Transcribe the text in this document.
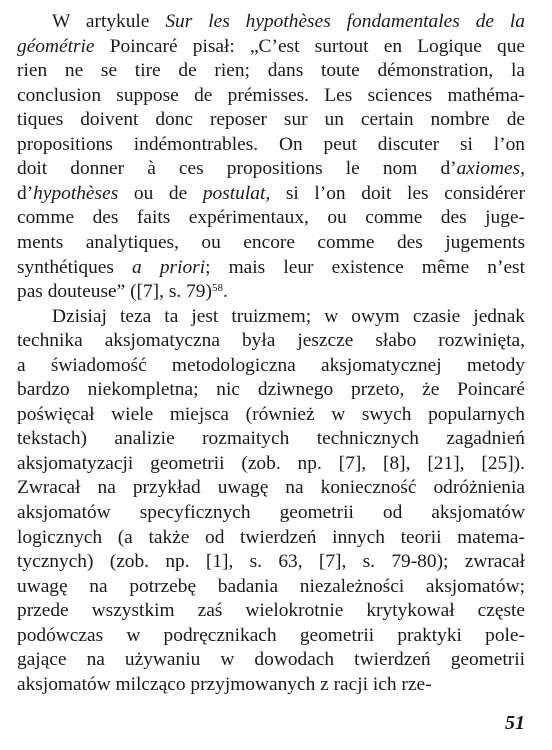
W artykule Sur les hypothèses fondamentales de la
géométrie Poincaré pisał: „C’est surtout en Logique que
rien ne se tire de rien; dans toute démonstration, la
conclusion suppose de prémisses. Les sciences mathéma-
tiques doivent donc reposer sur un certain nombre de
propositions indémontrables. On peut discuter si l’on
doit donner à ces propositions le nom d’axiomes,
d’hypothèses ou de postulat, si l’on doit les considérer
comme des faits expérimentaux, ou comme des juge-
ments analytiques, ou encore comme des jugements
synthétiques a priori; mais leur existence même n’est
pas douteuse” ([7], s. 79)$^{58}$.
Dzisiaj teza ta jest truizmem; w owym czasie jednak
technika aksjomatyczna była jeszcze słabo rozwinięta,
a świadomość metodologiczna aksjomatycznej metody
bardzo niekompletna; nic dziwnego przeto, że Poincaré
poświęcał wiele miejsca (również w swych popularnych
tekstach) analizie rozmaitych technicznych zagadnień
aksjomatyzacji geometrii (zob. np. [7], [8], [21], [25]).
Zwracał na przykład uwagę na konieczność odróżnienia
aksjomatów specyficznych geometrii od aksjomatów
logicznych (a także od twierdzeń innych teorii matema-
tycznych) (zob. np. [1], s. 63, [7], s. 79-80); zwracał
uwagę na potrzebę badania niezależności aksjomatów;
przede wszystkim zaś wielokrotnie krytykował częste
podówczas w podręcznikach geometrii praktyki pole-
gające na używaniu w dowodach twierdzeń geometrii
aksjomatów milcząco przyjmowanych z racji ich rze-
51
